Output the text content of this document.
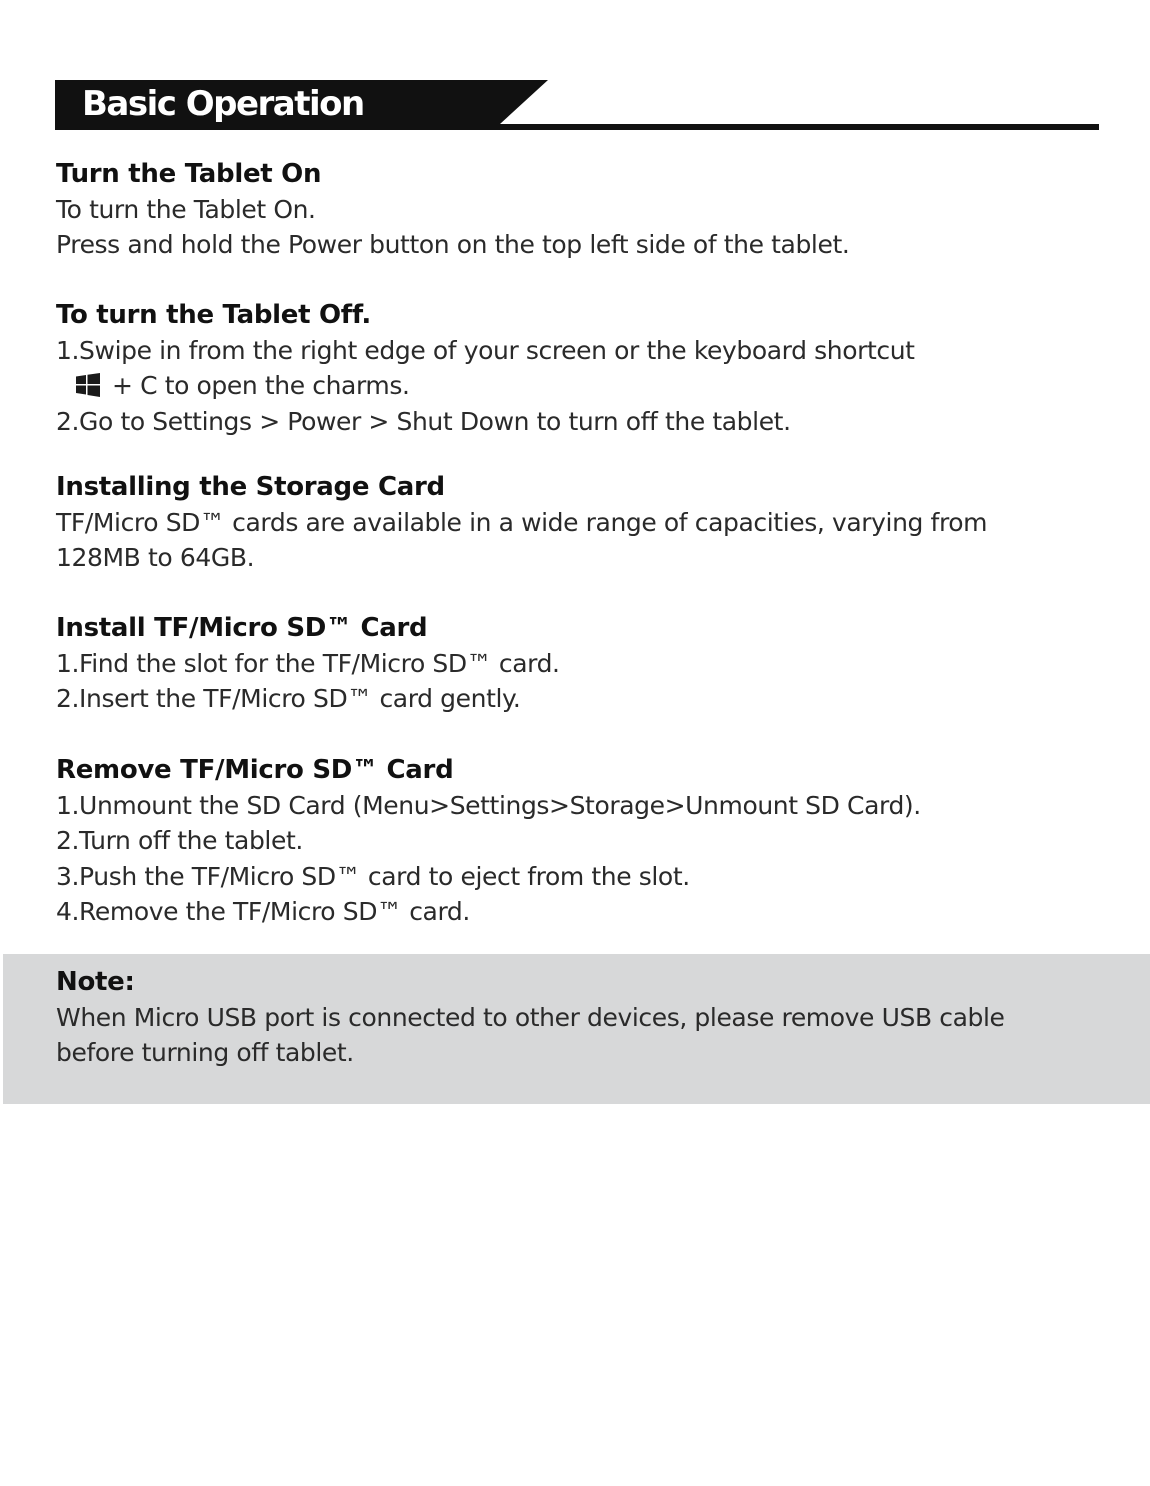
Basic Operation
Turn the Tablet On
To turn the Tablet On.
Press and hold the Power button on the top left side of the tablet.
To turn the Tablet Off.
1.Swipe in from the right edge of your screen or the keyboard shortcut
+ C to open the charms.
2.Go to Settings > Power > Shut Down to turn off the tablet.
Installing the Storage Card
TF/Micro SD™ cards are available in a wide range of capacities, varying from
128MB to 64GB.
Install TF/Micro SD™ Card
1.Find the slot for the TF/Micro SD™ card.
2.Insert the TF/Micro SD™ card gently.
Remove TF/Micro SD™ Card
1.Unmount the SD Card (Menu>Settings>Storage>Unmount SD Card).
2.Turn off the tablet.
3.Push the TF/Micro SD™ card to eject from the slot.
4.Remove the TF/Micro SD™ card.
Note:
When Micro USB port is connected to other devices, please remove USB cable
before turning off tablet.
